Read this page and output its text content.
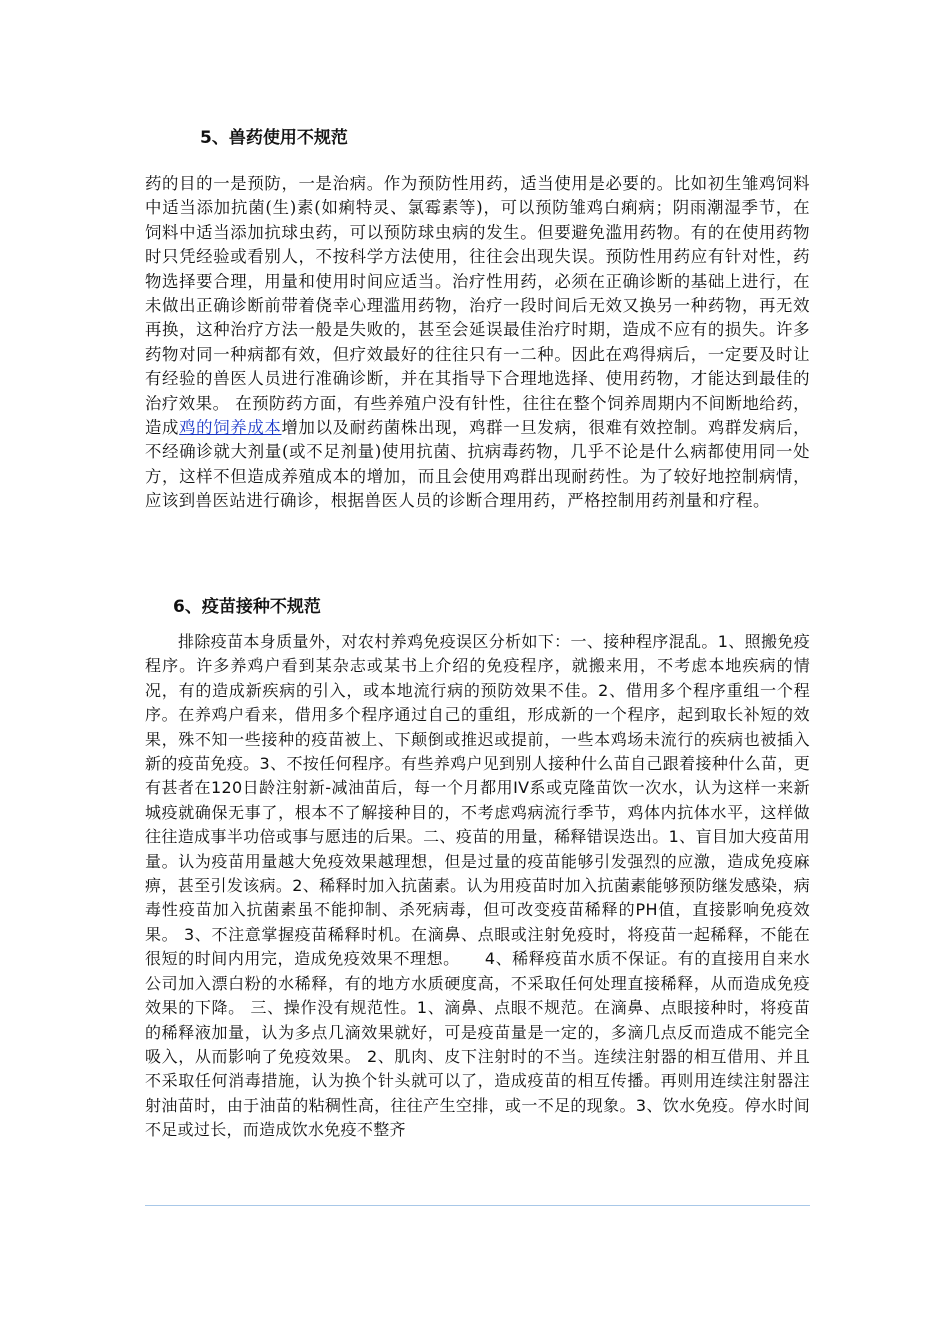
5、兽药使用不规范

药的目的一是预防，一是治病。作为预防性用药，适当使用是必要的。比如初生雏鸡饲料中适当添加抗菌(生)素(如痢特灵、氯霉素等)，可以预防雏鸡白痢病；阴雨潮湿季节，在饲料中适当添加抗球虫药，可以预防球虫病的发生。但要避免滥用药物。有的在使用药物时只凭经验或看别人，不按科学方法使用，往往会出现失误。预防性用药应有针对性，药物选择要合理，用量和使用时间应适当。治疗性用药，必须在正确诊断的基础上进行，在未做出正确诊断前带着侥幸心理滥用药物，治疗一段时间后无效又换另一种药物，再无效再换，这种治疗方法一般是失败的，甚至会延误最佳治疗时期，造成不应有的损失。许多药物对同一种病都有效，但疗效最好的往往只有一二种。因此在鸡得病后，一定要及时让有经验的兽医人员进行准确诊断，并在其指导下合理地选择、使用药物，才能达到最佳的治疗效果。 在预防药方面，有些养殖户没有针性，往往在整个饲养周期内不间断地给药，造成鸡的饲养成本增加以及耐药菌株出现，鸡群一旦发病，很难有效控制。鸡群发病后，不经确诊就大剂量(或不足剂量)使用抗菌、抗病毒药物，几乎不论是什么病都使用同一处方，这样不但造成养殖成本的增加，而且会使用鸡群出现耐药性。为了较好地控制病情，应该到兽医站进行确诊，根据兽医人员的诊断合理用药，严格控制用药剂量和疗程。

6、疫苗接种不规范

排除疫苗本身质量外，对农村养鸡免疫误区分析如下：一、接种程序混乱。1、照搬免疫程序。许多养鸡户看到某杂志或某书上介绍的免疫程序，就搬来用，不考虑本地疾病的情况，有的造成新疾病的引入，或本地流行病的预防效果不佳。2、借用多个程序重组一个程序。在养鸡户看来，借用多个程序通过自己的重组，形成新的一个程序，起到取长补短的效果，殊不知一些接种的疫苗被上、下颠倒或推迟或提前，一些本鸡场未流行的疾病也被插入新的疫苗免疫。3、不按任何程序。有些养鸡户见到别人接种什么苗自己跟着接种什么苗，更有甚者在120日龄注射新-减油苗后，每一个月都用IV系或克隆苗饮一次水，认为这样一来新城疫就确保无事了，根本不了解接种目的，不考虑鸡病流行季节，鸡体内抗体水平，这样做往往造成事半功倍或事与愿违的后果。二、疫苗的用量，稀释错误迭出。1、盲目加大疫苗用量。认为疫苗用量越大免疫效果越理想，但是过量的疫苗能够引发强烈的应激，造成免疫麻痹，甚至引发该病。2、稀释时加入抗菌素。认为用疫苗时加入抗菌素能够预防继发感染，病毒性疫苗加入抗菌素虽不能抑制、杀死病毒，但可改变疫苗稀释的PH值，直接影响免疫效果。 3、不注意掌握疫苗稀释时机。在滴鼻、点眼或注射免疫时，将疫苗一起稀释，不能在很短的时间内用完，造成免疫效果不理想。　　4、稀释疫苗水质不保证。有的直接用自来水公司加入漂白粉的水稀释，有的地方水质硬度高，不采取任何处理直接稀释，从而造成免疫效果的下降。 三、操作没有规范性。1、滴鼻、点眼不规范。在滴鼻、点眼接种时，将疫苗的稀释液加量，认为多点几滴效果就好，可是疫苗量是一定的，多滴几点反而造成不能完全吸入，从而影响了免疫效果。 2、肌肉、皮下注射时的不当。连续注射器的相互借用、并且不采取任何消毒措施，认为换个针头就可以了，造成疫苗的相互传播。再则用连续注射器注射油苗时，由于油苗的粘稠性高，往往产生空排，或一不足的现象。3、饮水免疫。停水时间不足或过长，而造成饮水免疫不整齐
